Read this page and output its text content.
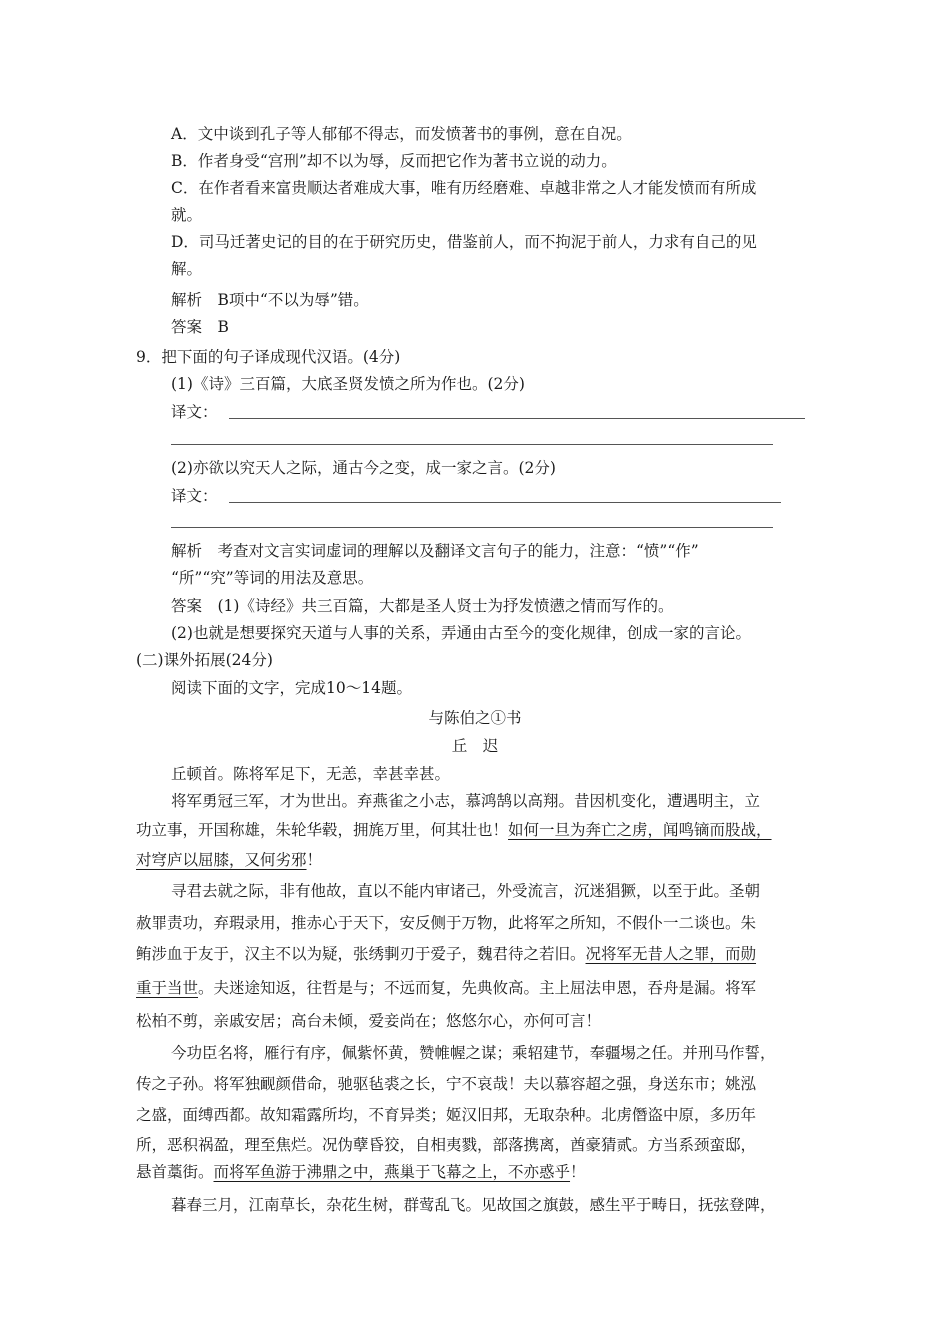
A．文中谈到孔子等人郁郁不得志，而发愤著书的事例，意在自况。
B．作者身受“宫刑”却不以为辱，反而把它作为著书立说的动力。
C．在作者看来富贵顺达者难成大事，唯有历经磨难、卓越非常之人才能发愤而有所成
就。
D．司马迁著史记的目的在于研究历史，借鉴前人，而不拘泥于前人，力求有自己的见
解。
解析　B项中“不以为辱”错。
答案　B
9．把下面的句子译成现代汉语。(4分)
(1)《诗》三百篇，大底圣贤发愤之所为作也。(2分)
译文：
(2)亦欲以究天人之际，通古今之变，成一家之言。(2分)
译文：
解析　考查对文言实词虚词的理解以及翻译文言句子的能力，注意：“愤”“作”
“所”“究”等词的用法及意思。
答案　(1)《诗经》共三百篇，大都是圣人贤士为抒发愤懑之情而写作的。
(2)也就是想要探究天道与人事的关系，弄通由古至今的变化规律，创成一家的言论。
(二)课外拓展(24分)
阅读下面的文字，完成10～14题。
与陈伯之①书
丘　迟
丘顿首。陈将军足下，无恙，幸甚幸甚。
将军勇冠三军，才为世出。弃燕雀之小志，慕鸿鹄以高翔。昔因机变化，遭遇明主，立
功立事，开国称雄，朱轮华毂，拥旄万里，何其壮也！如何一旦为奔亡之虏，闻鸣镝而股战，
对穹庐以屈膝，又何劣邪！
寻君去就之际，非有他故，直以不能内审诸己，外受流言，沉迷猖獗，以至于此。圣朝
赦罪责功，弃瑕录用，推赤心于天下，安反侧于万物，此将军之所知，不假仆一二谈也。朱
鲔涉血于友于，汉主不以为疑，张绣剚刃于爱子，魏君待之若旧。况将军无昔人之罪，而勋
重于当世。夫迷途知返，往哲是与；不远而复，先典攸高。主上屈法申恩，吞舟是漏。将军
松柏不剪，亲戚安居；高台未倾，爱妾尚在；悠悠尔心，亦何可言！
今功臣名将，雁行有序，佩紫怀黄，赞帷幄之谋；乘轺建节，奉疆埸之任。并刑马作誓，
传之子孙。将军独䩄颜借命，驰驱毡裘之长，宁不哀哉！夫以慕容超之强，身送东市；姚泓
之盛，面缚西都。故知霜露所均，不育异类；姬汉旧邦，无取杂种。北虏僭盗中原，多历年
所，恶积祸盈，理至焦烂。况伪孽昏狡，自相夷戮，部落携离，酋豪猜贰。方当系颈蛮邸，
悬首藁街。而将军鱼游于沸鼎之中，燕巢于飞幕之上，不亦惑乎！
暮春三月，江南草长，杂花生树，群莺乱飞。见故国之旗鼓，感生平于畴日，抚弦登陴，
